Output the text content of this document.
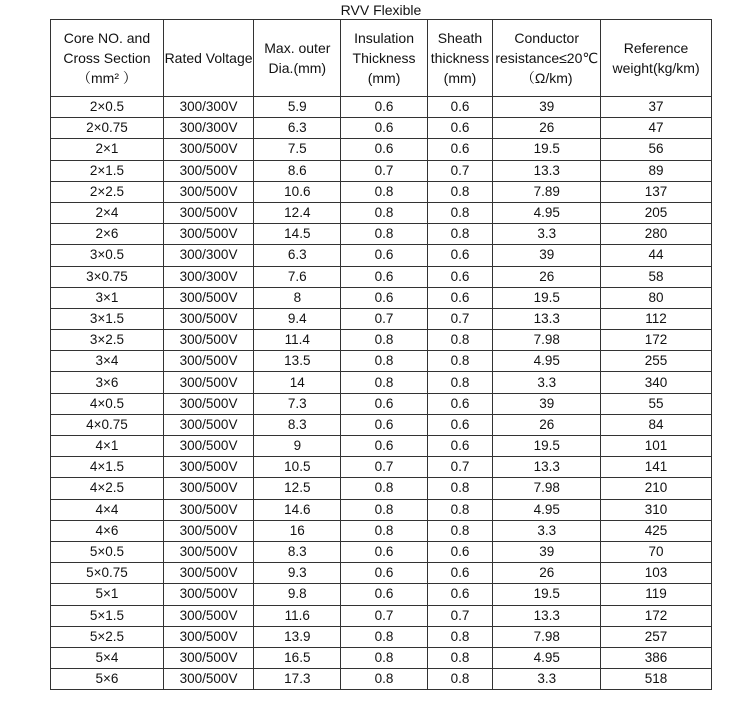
RVV Flexible
Core NO. and Cross Section（mm² ）	Rated Voltage	Max. outer Dia.(mm)	Insulation Thickness (mm)	Sheath thickness (mm)	Conductor resistance≤20℃（Ω/km)	Reference weight(kg/km)
2×0.5	300/300V	5.9	0.6	0.6	39	37
2×0.75	300/300V	6.3	0.6	0.6	26	47
2×1	300/500V	7.5	0.6	0.6	19.5	56
2×1.5	300/500V	8.6	0.7	0.7	13.3	89
2×2.5	300/500V	10.6	0.8	0.8	7.89	137
2×4	300/500V	12.4	0.8	0.8	4.95	205
2×6	300/500V	14.5	0.8	0.8	3.3	280
3×0.5	300/300V	6.3	0.6	0.6	39	44
3×0.75	300/300V	7.6	0.6	0.6	26	58
3×1	300/500V	8	0.6	0.6	19.5	80
3×1.5	300/500V	9.4	0.7	0.7	13.3	112
3×2.5	300/500V	11.4	0.8	0.8	7.98	172
3×4	300/500V	13.5	0.8	0.8	4.95	255
3×6	300/500V	14	0.8	0.8	3.3	340
4×0.5	300/500V	7.3	0.6	0.6	39	55
4×0.75	300/500V	8.3	0.6	0.6	26	84
4×1	300/500V	9	0.6	0.6	19.5	101
4×1.5	300/500V	10.5	0.7	0.7	13.3	141
4×2.5	300/500V	12.5	0.8	0.8	7.98	210
4×4	300/500V	14.6	0.8	0.8	4.95	310
4×6	300/500V	16	0.8	0.8	3.3	425
5×0.5	300/500V	8.3	0.6	0.6	39	70
5×0.75	300/500V	9.3	0.6	0.6	26	103
5×1	300/500V	9.8	0.6	0.6	19.5	119
5×1.5	300/500V	11.6	0.7	0.7	13.3	172
5×2.5	300/500V	13.9	0.8	0.8	7.98	257
5×4	300/500V	16.5	0.8	0.8	4.95	386
5×6	300/500V	17.3	0.8	0.8	3.3	518
